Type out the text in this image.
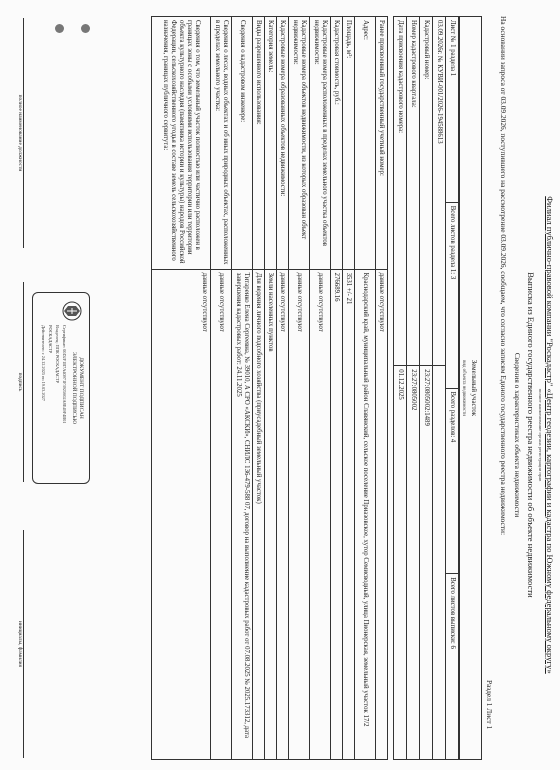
Филиал публично-правовой компании "Роскадастр" «Центр геодезии, картографии и кадастра по Южному федеральному округу»
полное наименование органа регистрации прав
Выписка из Единого государственного реестра недвижимости об объекте недвижимости
Сведения о характеристиках объекта недвижимости
На основании запроса от 03.09.2026, поступившего на рассмотрение 03.09.2026, сообщаем, что согласно записям Единого государственного реестра недвижимости:
Раздел 1 Лист 1
Земельный участок
вид объекта недвижимости
Лист № 1 раздела 1	Всего листов раздела 1: 3	Всего разделов: 4	Всего листов выписки: 6
03.09.2026г. № КУВИ-001/2026-194588613	
Кадастровый номер:	23:27:0805002:1489
Номер кадастрового квартала:	23:27:0805002
Дата присвоения кадастрового номера:	01.12.2025
Ранее присвоенный государственный учетный номер:	данные отсутствуют
Адрес:	Краснодарский край, муниципальный район Славянский, сельское поселение Приазовское, хутор Семисводный, улица Пионерская, земельный участок 17/2
Площадь, м²:	3531 +/- 21
Кадастровая стоимость, руб.:	276689.16
Кадастровые номера расположенных в пределах земельного участка объектов недвижимости:	данные отсутствуют
Кадастровые номера объектов недвижимости, из которых образован объект недвижимости:	данные отсутствуют
Кадастровые номера образованных объектов недвижимости:	данные отсутствуют
Категория земель:	Земли населенных пунктов
Виды разрешенного использования:	Для ведения личного подсобного хозяйства (приусадебный земельный участок)
Сведения о кадастровом инженере:	Титаренко Елена Сергеевна, № 39010, А СРО «АКСКИ», СНИЛС 136-479-588 07, договор на выполнение кадастровых работ от 07.08.2025 № 2025.173312, дата завершения кадастровых работ: 24.11.2025
Сведения о лесах, водных объектах и об иных природных объектах, расположенных в пределах земельного участка:	данные отсутствуют
Сведения о том, что земельный участок полностью или частично расположен в границах зоны с особыми условиями использования территории или территории объекта культурного наследия (памятника истории и культуры) народов Российской Федерации, сельскохозяйственного угодья в составе земель сельскохозяйственного назначения, границах публичного сервитута:	данные отсутствуют
полное наименование должности
подпись
инициалы, фамилия
ДОКУМЕНТ ПОДПИСАН
ЭЛЕКТРОННОЙ ПОДПИСЬЮ
Сертификат: 00D2F1B7A40971F3925602A8E49F4B01
Владелец: ППК РОСКАДАСТР
РОСКАДАСТР
Действителен: с 24.12.2025 по 19.03.2027
